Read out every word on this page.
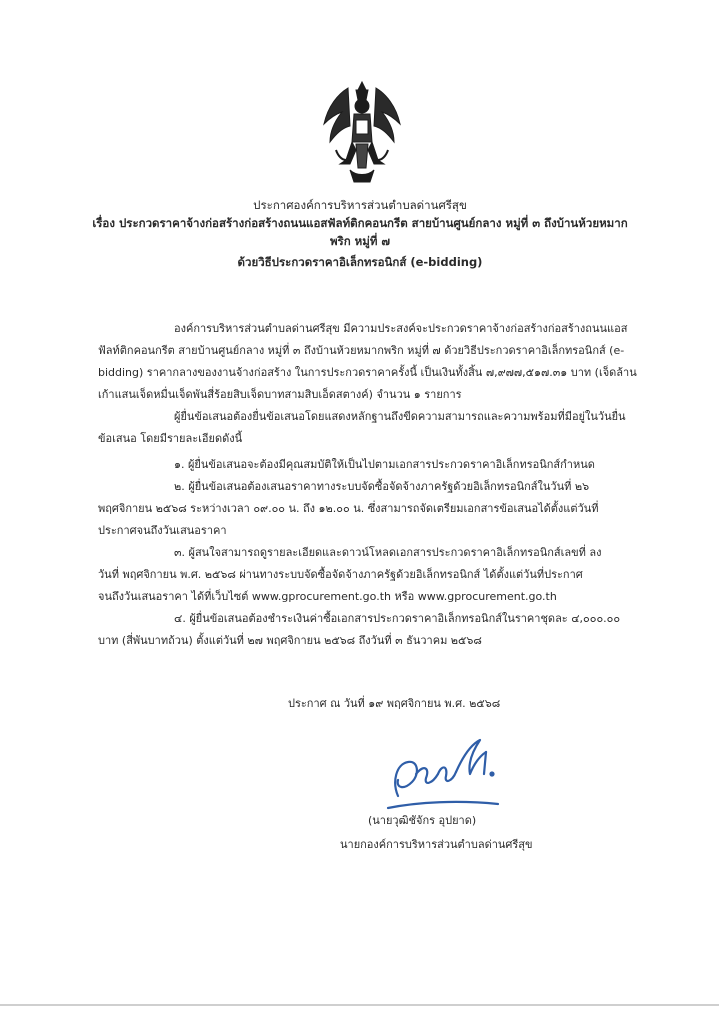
ประกาศองค์การบริหารส่วนตำบลด่านศรีสุข
เรื่อง ประกวดราคาจ้างก่อสร้างก่อสร้างถนนแอสฟัลท์ติกคอนกรีต สายบ้านศูนย์กลาง หมู่ที่ ๓ ถึงบ้านห้วยหมาก
พริก หมู่ที่ ๗
ด้วยวิธีประกวดราคาอิเล็กทรอนิกส์ (e-bidding)
องค์การบริหารส่วนตำบลด่านศรีสุข มีความประสงค์จะประกวดราคาจ้างก่อสร้างก่อสร้างถนนแอส
ฟัลท์ติกคอนกรีต สายบ้านศูนย์กลาง หมู่ที่ ๓ ถึงบ้านห้วยหมากพริก หมู่ที่ ๗ ด้วยวิธีประกวดราคาอิเล็กทรอนิกส์ (e-
bidding) ราคากลางของงานจ้างก่อสร้าง ในการประกวดราคาครั้งนี้ เป็นเงินทั้งสิ้น ๗,๙๗๗,๕๑๗.๓๑ บาท (เจ็ดล้าน
เก้าแสนเจ็ดหมื่นเจ็ดพันสี่ร้อยสิบเจ็ดบาทสามสิบเอ็ดสตางค์) จำนวน ๑ รายการ
ผู้ยื่นข้อเสนอต้องยื่นข้อเสนอโดยแสดงหลักฐานถึงขีดความสามารถและความพร้อมที่มีอยู่ในวันยื่น
ข้อเสนอ โดยมีรายละเอียดดังนี้
๑. ผู้ยื่นข้อเสนอจะต้องมีคุณสมบัติให้เป็นไปตามเอกสารประกวดราคาอิเล็กทรอนิกส์กำหนด
๒. ผู้ยื่นข้อเสนอต้องเสนอราคาทางระบบจัดซื้อจัดจ้างภาครัฐด้วยอิเล็กทรอนิกส์ในวันที่ ๒๖
พฤศจิกายน ๒๕๖๘ ระหว่างเวลา ๐๙.๐๐ น. ถึง ๑๒.๐๐ น. ซึ่งสามารถจัดเตรียมเอกสารข้อเสนอได้ตั้งแต่วันที่
ประกาศจนถึงวันเสนอราคา
๓. ผู้สนใจสามารถดูรายละเอียดและดาวน์โหลดเอกสารประกวดราคาอิเล็กทรอนิกส์เลขที่ ลง
วันที่ พฤศจิกายน พ.ศ. ๒๕๖๘ ผ่านทางระบบจัดซื้อจัดจ้างภาครัฐด้วยอิเล็กทรอนิกส์ ได้ตั้งแต่วันที่ประกาศ
จนถึงวันเสนอราคา ได้ที่เว็บไซต์ www.gprocurement.go.th หรือ www.gprocurement.go.th
๔. ผู้ยื่นข้อเสนอต้องชำระเงินค่าซื้อเอกสารประกวดราคาอิเล็กทรอนิกส์ในราคาชุดละ ๔,๐๐๐.๐๐
บาท (สี่พันบาทถ้วน) ตั้งแต่วันที่ ๒๗ พฤศจิกายน ๒๕๖๘ ถึงวันที่ ๓ ธันวาคม ๒๕๖๘
ประกาศ ณ วันที่ ๑๙ พฤศจิกายน พ.ศ. ๒๕๖๘
(นายวุฒิชัจักร อุปยาด)
นายกองค์การบริหารส่วนตำบลด่านศรีสุข
